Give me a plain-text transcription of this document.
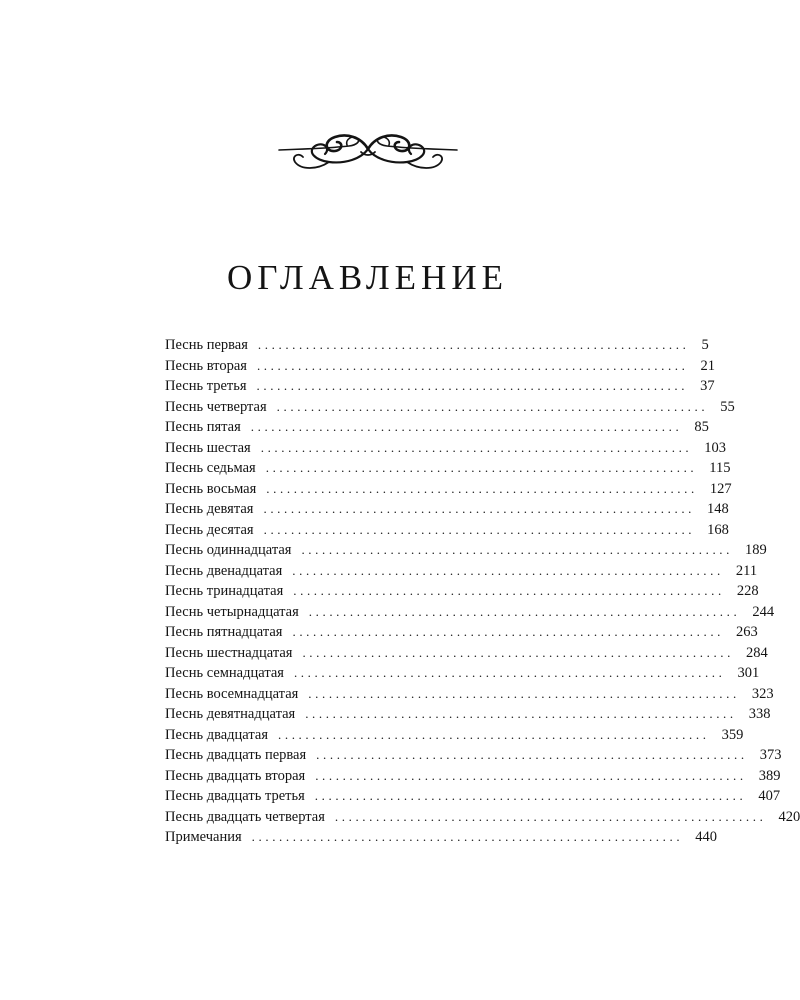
ОГЛАВЛЕНИЕ
Песнь первая ............................................................... 5
Песнь вторая ............................................................... 21
Песнь третья ............................................................... 37
Песнь четвертая ............................................................... 55
Песнь пятая ............................................................... 85
Песнь шестая ............................................................... 103
Песнь седьмая ............................................................... 115
Песнь восьмая ............................................................... 127
Песнь девятая ............................................................... 148
Песнь десятая ............................................................... 168
Песнь одиннадцатая ............................................................... 189
Песнь двенадцатая ............................................................... 211
Песнь тринадцатая ............................................................... 228
Песнь четырнадцатая ............................................................... 244
Песнь пятнадцатая ............................................................... 263
Песнь шестнадцатая ............................................................... 284
Песнь семнадцатая ............................................................... 301
Песнь восемнадцатая ............................................................... 323
Песнь девятнадцатая ............................................................... 338
Песнь двадцатая ............................................................... 359
Песнь двадцать первая ............................................................... 373
Песнь двадцать вторая ............................................................... 389
Песнь двадцать третья ............................................................... 407
Песнь двадцать четвертая ............................................................... 420
Примечания ............................................................... 440
